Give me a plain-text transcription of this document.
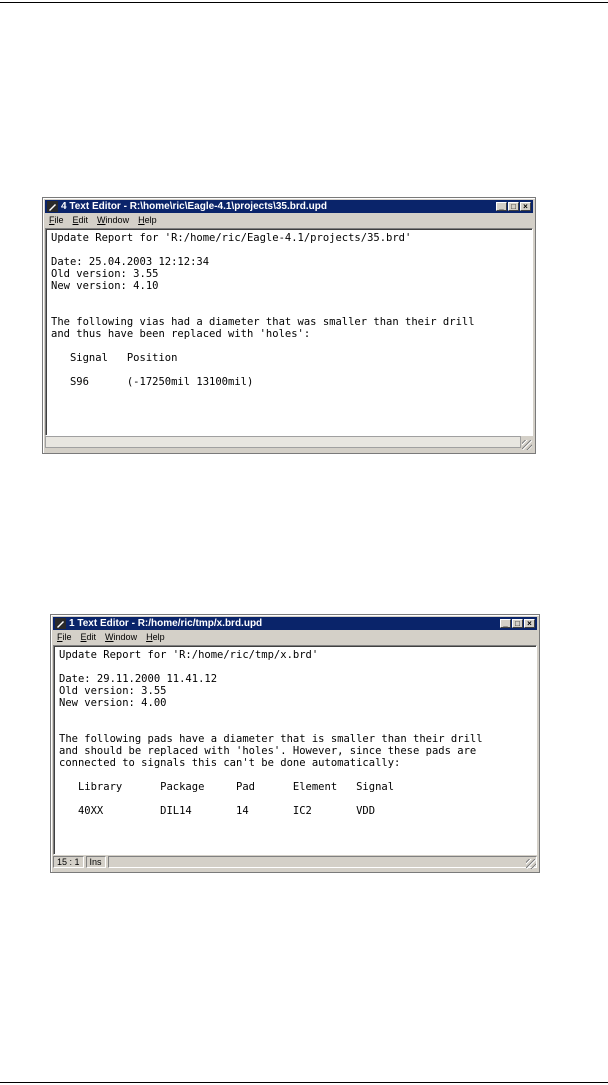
4 Text Editor - R:\home\ric\Eagle-4.1\projects\35.brd.upd	_ □ ×
File Edit Window Help
Update Report for 'R:/home/ric/Eagle-4.1/projects/35.brd'

Date: 25.04.2003 12:12:34
Old version: 3.55
New version: 4.10

The following vias had a diameter that was smaller than their drill
and thus have been replaced with 'holes':

Signal   Position

S96      (-17250mil 13100mil)
1 Text Editor - R:/home/ric/tmp/x.brd.upd	_ □ ×
File Edit Window Help
Update Report for 'R:/home/ric/tmp/x.brd'

Date: 29.11.2000 11.41.12
Old version: 3.55
New version: 4.00

The following pads have a diameter that is smaller than their drill
and should be replaced with 'holes'. However, since these pads are
connected to signals this can't be done automatically:

Library      Package     Pad      Element   Signal

40XX         DIL14       14       IC2       VDD
15 : 1	Ins
